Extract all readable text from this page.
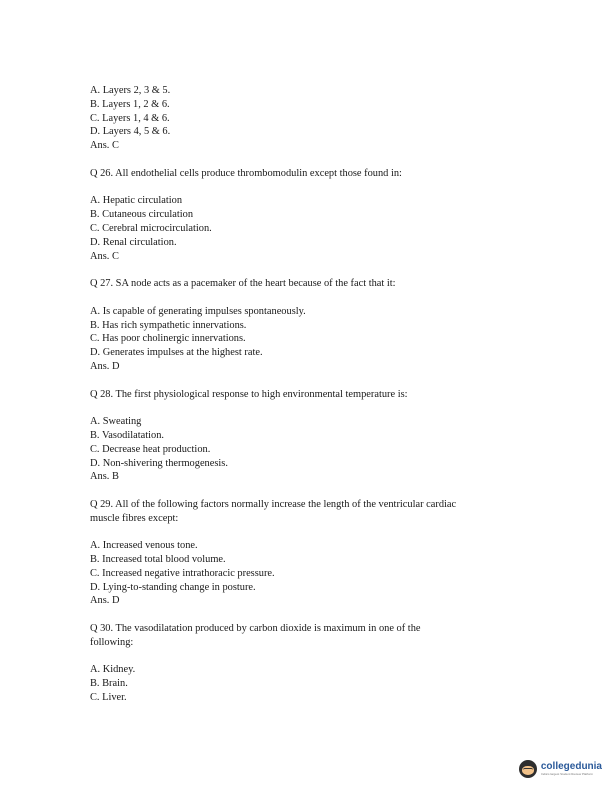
A. Layers 2, 3 & 5.
B. Layers 1, 2 & 6.
C. Layers 1, 4 & 6.
D. Layers 4, 5 & 6.
Ans. C
Q 26. All endothelial cells produce thrombomodulin except those found in:
A. Hepatic circulation
B. Cutaneous circulation
C. Cerebral microcirculation.
D. Renal circulation.
Ans. C
Q 27. SA node acts as a pacemaker of the heart because of the fact that it:
A. Is capable of generating impulses spontaneously.
B. Has rich sympathetic innervations.
C. Has poor cholinergic innervations.
D. Generates impulses at the highest rate.
Ans. D
Q 28. The first physiological response to high environmental temperature is:
A. Sweating
B. Vasodilatation.
C. Decrease heat production.
D. Non-shivering thermogenesis.
Ans. B
Q 29. All of the following factors normally increase the length of the ventricular cardiac
muscle fibres except:
A. Increased venous tone.
B. Increased total blood volume.
C. Increased negative intrathoracic pressure.
D. Lying-to-standing change in posture.
Ans. D
Q 30. The vasodilatation produced by carbon dioxide is maximum in one of the
following:
A. Kidney.
B. Brain.
C. Liver.
collegedunia
India's largest Student Review Platform
